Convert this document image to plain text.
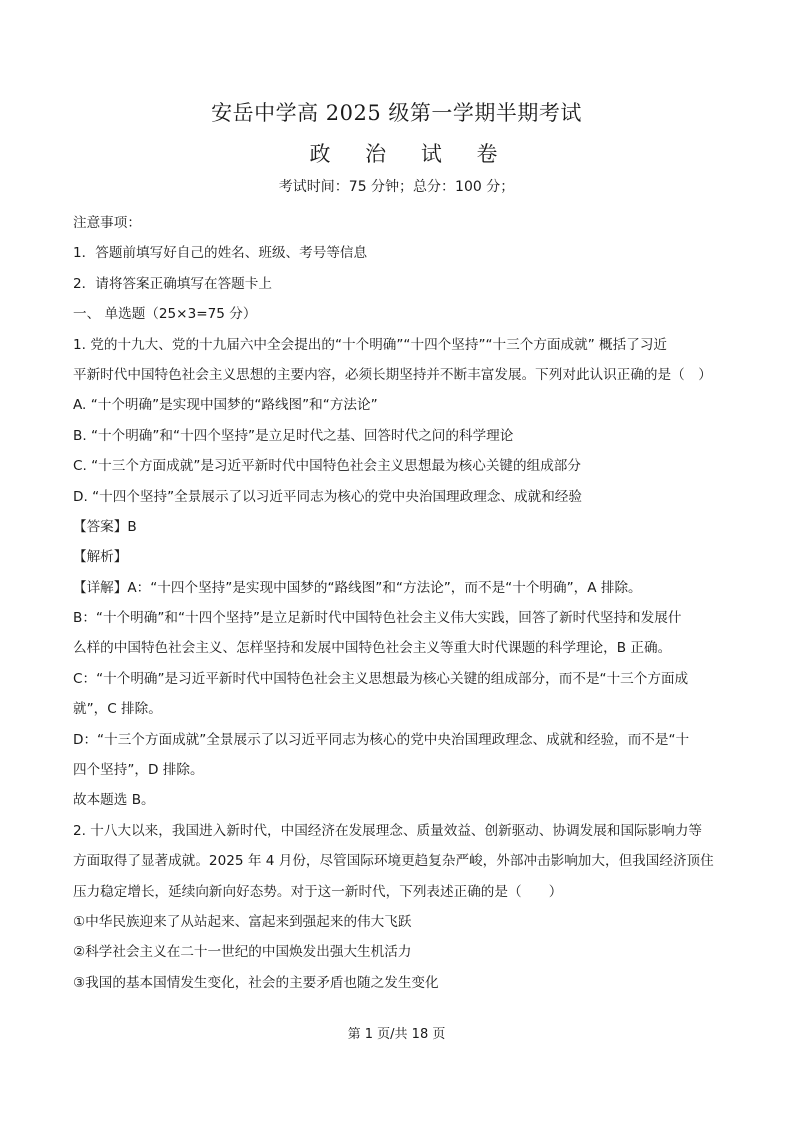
安岳中学高 2025 级第一学期半期考试
政 治 试 卷
考试时间：75 分钟；总分：100 分；
注意事项：
1．答题前填写好自己的姓名、班级、考号等信息
2．请将答案正确填写在答题卡上
一、 单选题（25×3=75 分）
1. 党的十九大、党的十九届六中全会提出的“十个明确”“十四个坚持”“十三个方面成就” 概括了习近
平新时代中国特色社会主义思想的主要内容，必须长期坚持并不断丰富发展。下列对此认识正确的是（　）
A. “十个明确”是实现中国梦的“路线图”和“方法论”
B. “十个明确”和“十四个坚持”是立足时代之基、回答时代之问的科学理论
C. “十三个方面成就”是习近平新时代中国特色社会主义思想最为核心关键的组成部分
D. “十四个坚持”全景展示了以习近平同志为核心的党中央治国理政理念、成就和经验
【答案】B
【解析】
【详解】A：“十四个坚持”是实现中国梦的“路线图”和“方法论”，而不是“十个明确”，A 排除。
B：“十个明确”和“十四个坚持”是立足新时代中国特色社会主义伟大实践，回答了新时代坚持和发展什
么样的中国特色社会主义、怎样坚持和发展中国特色社会主义等重大时代课题的科学理论，B 正确。
C：“十个明确”是习近平新时代中国特色社会主义思想最为核心关键的组成部分，而不是“十三个方面成
就”，C 排除。
D：“十三个方面成就”全景展示了以习近平同志为核心的党中央治国理政理念、成就和经验，而不是“十
四个坚持”，D 排除。
故本题选 B。
2. 十八大以来，我国进入新时代，中国经济在发展理念、质量效益、创新驱动、协调发展和国际影响力等
方面取得了显著成就。2025 年 4 月份，尽管国际环境更趋复杂严峻，外部冲击影响加大，但我国经济顶住
压力稳定增长，延续向新向好态势。对于这一新时代，下列表述正确的是（　　）
①中华民族迎来了从站起来、富起来到强起来的伟大飞跃
②科学社会主义在二十一世纪的中国焕发出强大生机活力
③我国的基本国情发生变化，社会的主要矛盾也随之发生变化
第 1 页/共 18 页
